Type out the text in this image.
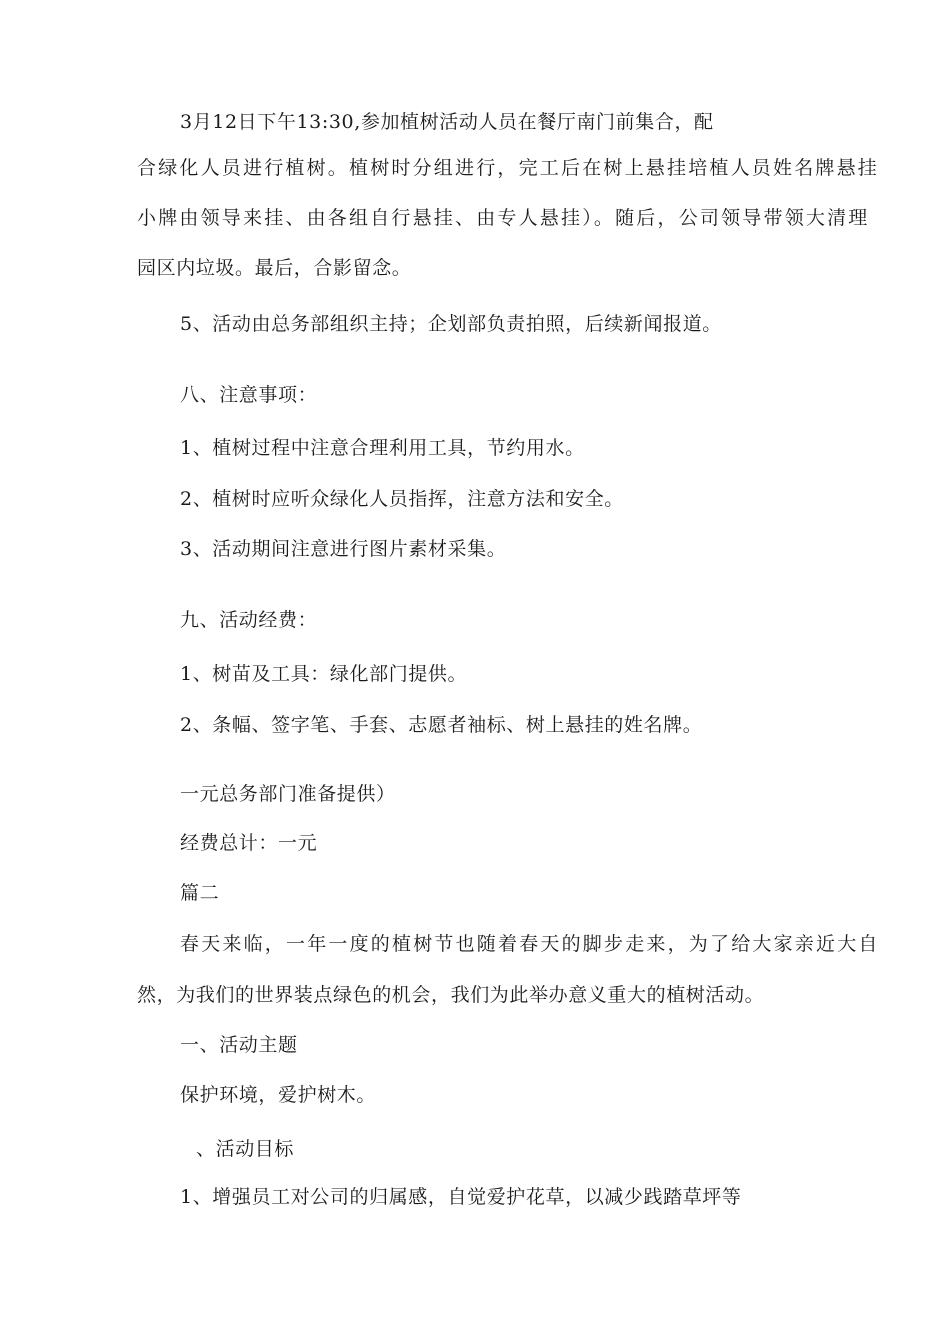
3月12日下午13:30,参加植树活动人员在餐厅南门前集合，配
合绿化人员进行植树。植树时分组进行，完工后在树上悬挂培植人员姓名牌悬挂
小牌由领导来挂、由各组自行悬挂、由专人悬挂）。随后，公司领导带领大清理
园区内垃圾。最后，合影留念。
5、活动由总务部组织主持；企划部负责拍照，后续新闻报道。
八、注意事项：
1、植树过程中注意合理利用工具，节约用水。
2、植树时应听众绿化人员指挥，注意方法和安全。
3、活动期间注意进行图片素材采集。
九、活动经费：
1、树苗及工具：绿化部门提供。
2、条幅、签字笔、手套、志愿者袖标、树上悬挂的姓名牌。
一元总务部门准备提供）
经费总计：一元
篇二
春天来临，一年一度的植树节也随着春天的脚步走来，为了给大家亲近大自
然，为我们的世界装点绿色的机会，我们为此举办意义重大的植树活动。
一、活动主题
保护环境，爱护树木。
、活动目标
1、增强员工对公司的归属感，自觉爱护花草，以减少践踏草坪等
